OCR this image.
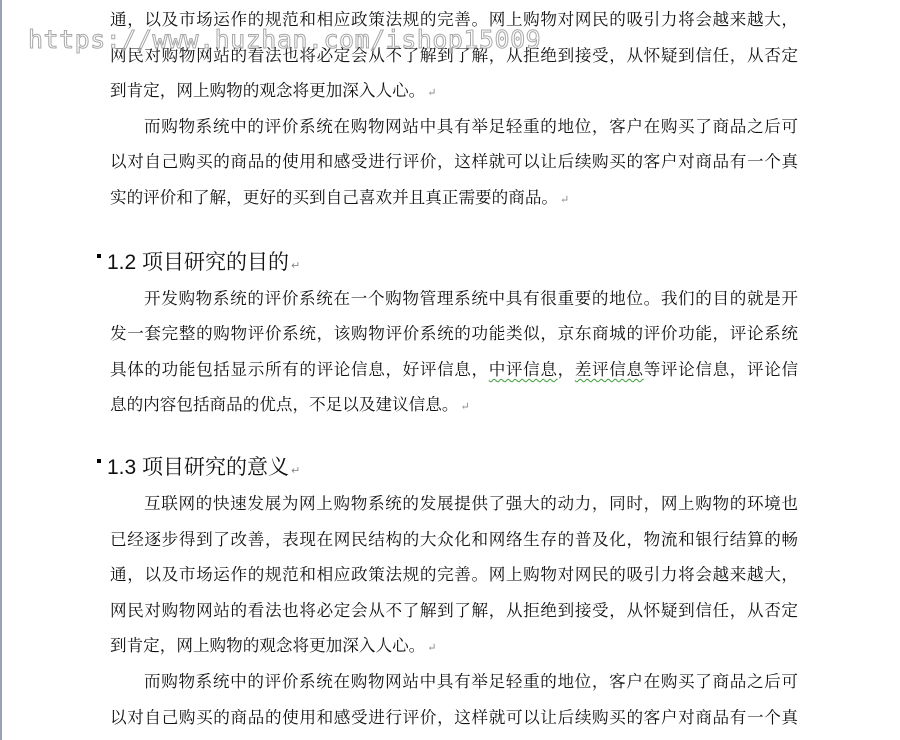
通，以及市场运作的规范和相应政策法规的完善。网上购物对网民的吸引力将会越来越大，
网民对购物网站的看法也将必定会从不了解到了解，从拒绝到接受，从怀疑到信任，从否定
到肯定，网上购物的观念将更加深入人心。 ↵
而购物系统中的评价系统在购物网站中具有举足轻重的地位，客户在购买了商品之后可
以对自己购买的商品的使用和感受进行评价，这样就可以让后续购买的客户对商品有一个真
实的评价和了解，更好的买到自己喜欢并且真正需要的商品。 ↵
1.2 项目研究的目的 ↵
开发购物系统的评价系统在一个购物管理系统中具有很重要的地位。我们的目的就是开
发一套完整的购物评价系统，该购物评价系统的功能类似，京东商城的评价功能，评论系统
具体的功能包括显示所有的评论信息，好评信息，中评信息，差评信息等评论信息，评论信
息的内容包括商品的优点，不足以及建议信息。 ↵
1.3 项目研究的意义 ↵
互联网的快速发展为网上购物系统的发展提供了强大的动力，同时，网上购物的环境也
已经逐步得到了改善，表现在网民结构的大众化和网络生存的普及化，物流和银行结算的畅
通，以及市场运作的规范和相应政策法规的完善。网上购物对网民的吸引力将会越来越大，
网民对购物网站的看法也将必定会从不了解到了解，从拒绝到接受，从怀疑到信任，从否定
到肯定，网上购物的观念将更加深入人心。 ↵
而购物系统中的评价系统在购物网站中具有举足轻重的地位，客户在购买了商品之后可
以对自己购买的商品的使用和感受进行评价，这样就可以让后续购买的客户对商品有一个真
https://www.huzhan.com/ishop15009
